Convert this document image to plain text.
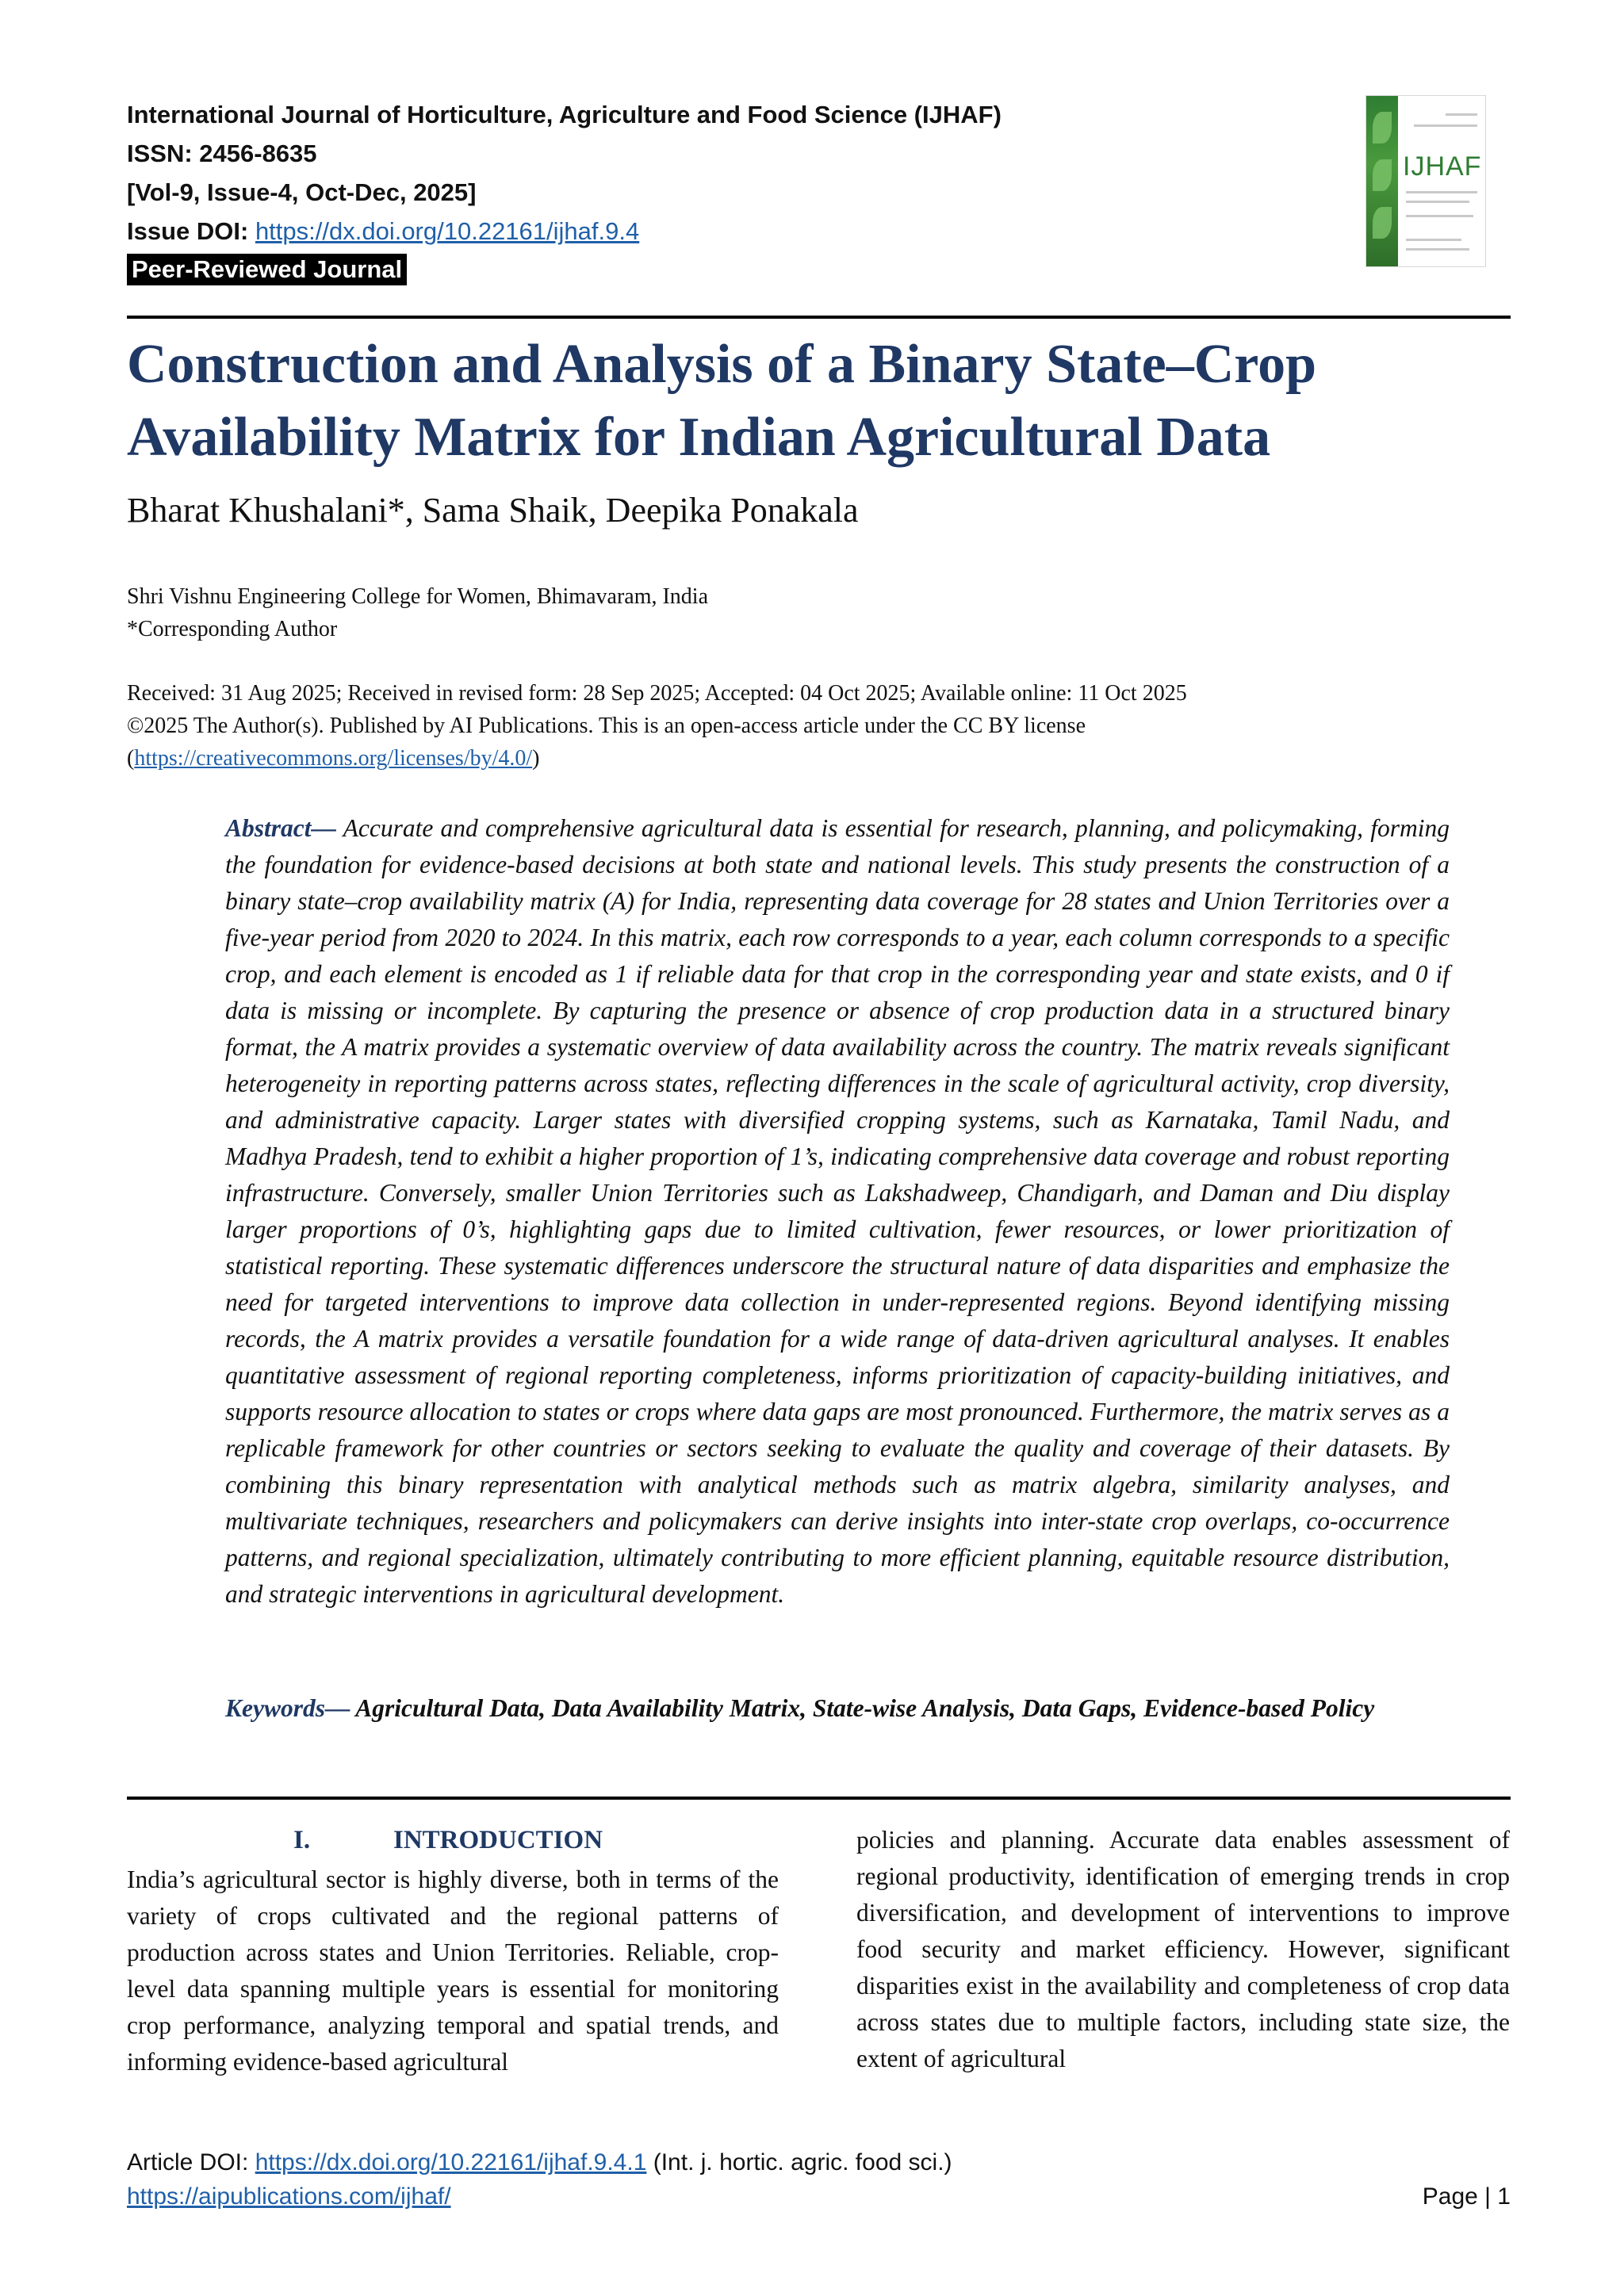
International Journal of Horticulture, Agriculture and Food Science (IJHAF)
ISSN: 2456-8635
[Vol-9, Issue-4, Oct-Dec, 2025]
Issue DOI: https://dx.doi.org/10.22161/ijhaf.9.4
Peer-Reviewed Journal
IJHAF
Construction and Analysis of a Binary State–Crop
Availability Matrix for Indian Agricultural Data
Bharat Khushalani*, Sama Shaik, Deepika Ponakala
Shri Vishnu Engineering College for Women, Bhimavaram, India
*Corresponding Author
Received: 31 Aug 2025; Received in revised form: 28 Sep 2025; Accepted: 04 Oct 2025; Available online: 11 Oct 2025
©2025 The Author(s). Published by AI Publications. This is an open-access article under the CC BY license
(https://creativecommons.org/licenses/by/4.0/)
Abstract— Accurate and comprehensive agricultural data is essential for research, planning, and policymaking, forming the foundation for evidence-based decisions at both state and national levels. This study presents the construction of a binary state–crop availability matrix (A) for India, representing data coverage for 28 states and Union Territories over a five-year period from 2020 to 2024. In this matrix, each row corresponds to a year, each column corresponds to a specific crop, and each element is encoded as 1 if reliable data for that crop in the corresponding year and state exists, and 0 if data is missing or incomplete. By capturing the presence or absence of crop production data in a structured binary format, the A matrix provides a systematic overview of data availability across the country. The matrix reveals significant heterogeneity in reporting patterns across states, reflecting differences in the scale of agricultural activity, crop diversity, and administrative capacity. Larger states with diversified cropping systems, such as Karnataka, Tamil Nadu, and Madhya Pradesh, tend to exhibit a higher proportion of 1’s, indicating comprehensive data coverage and robust reporting infrastructure. Conversely, smaller Union Territories such as Lakshadweep, Chandigarh, and Daman and Diu display larger proportions of 0’s, highlighting gaps due to limited cultivation, fewer resources, or lower prioritization of statistical reporting. These systematic differences underscore the structural nature of data disparities and emphasize the need for targeted interventions to improve data collection in under-represented regions. Beyond identifying missing records, the A matrix provides a versatile foundation for a wide range of data-driven agricultural analyses. It enables quantitative assessment of regional reporting completeness, informs prioritization of capacity-building initiatives, and supports resource allocation to states or crops where data gaps are most pronounced. Furthermore, the matrix serves as a replicable framework for other countries or sectors seeking to evaluate the quality and coverage of their datasets. By combining this binary representation with analytical methods such as matrix algebra, similarity analyses, and multivariate techniques, researchers and policymakers can derive insights into inter-state crop overlaps, co-occurrence patterns, and regional specialization, ultimately contributing to more efficient planning, equitable resource distribution, and strategic interventions in agricultural development.
Keywords— Agricultural Data, Data Availability Matrix, State-wise Analysis, Data Gaps, Evidence-based Policy
I.	INTRODUCTION
India’s agricultural sector is highly diverse, both in terms of the variety of crops cultivated and the regional patterns of production across states and Union Territories. Reliable, crop-level data spanning multiple years is essential for monitoring crop performance, analyzing temporal and spatial trends, and informing evidence-based agricultural
policies and planning. Accurate data enables assessment of regional productivity, identification of emerging trends in crop diversification, and development of interventions to improve food security and market efficiency. However, significant disparities exist in the availability and completeness of crop data across states due to multiple factors, including state size, the extent of agricultural
Article DOI: https://dx.doi.org/10.22161/ijhaf.9.4.1 (Int. j. hortic. agric. food sci.)
https://aipublications.com/ijhaf/	Page | 1
